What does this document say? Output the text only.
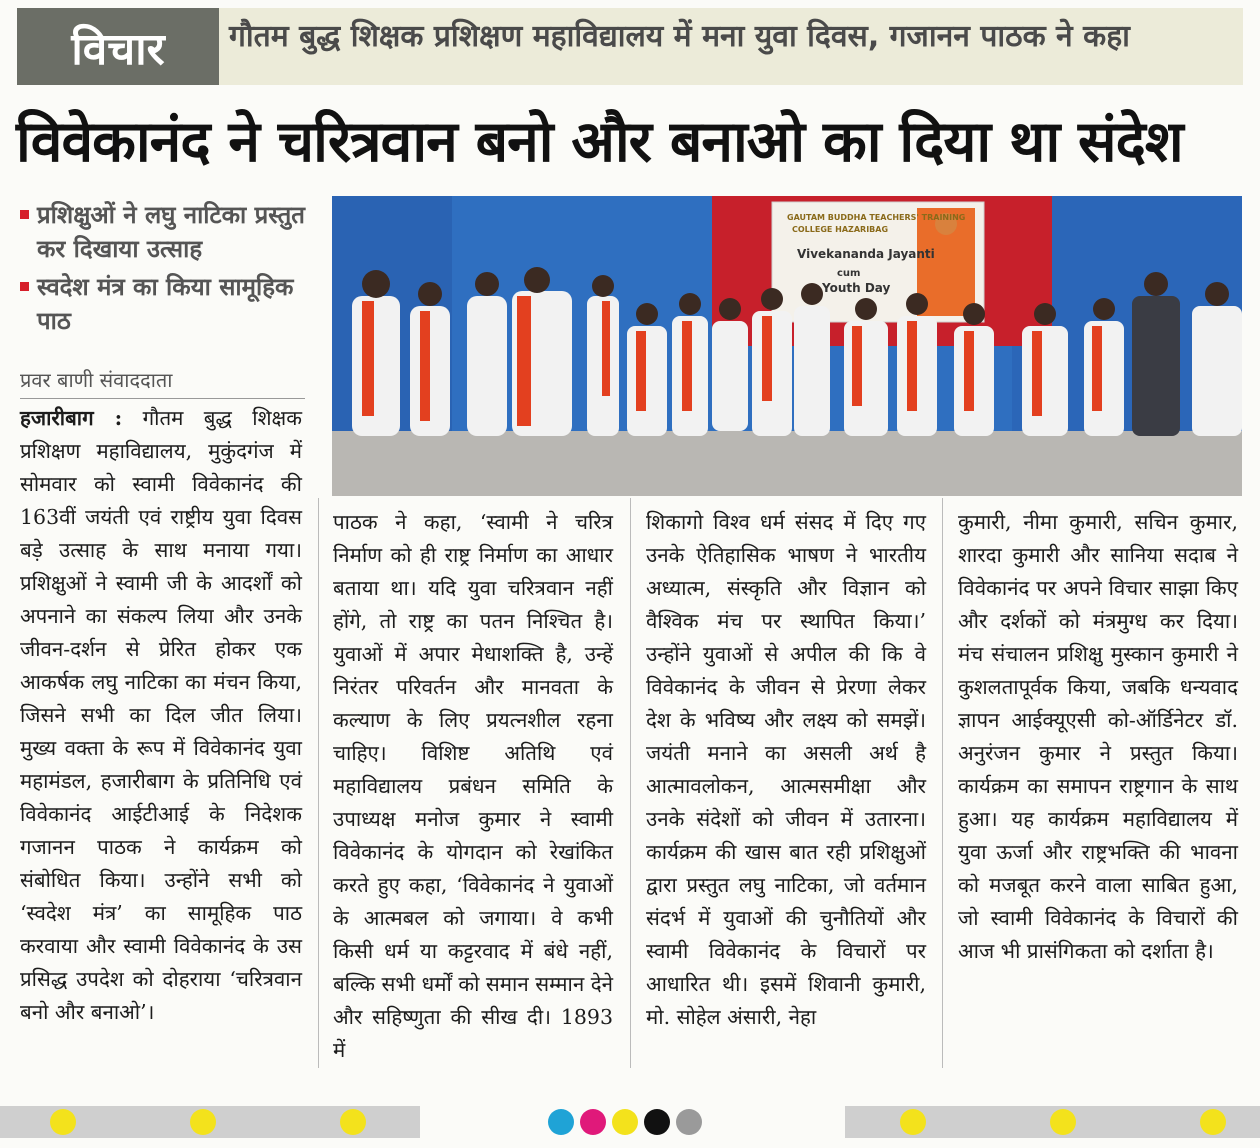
विचार	गौतम बुद्ध शिक्षक प्रशिक्षण महाविद्यालय में मना युवा दिवस, गजानन पाठक ने कहा
विवेकानंद ने चरित्रवान बनो और बनाओ का दिया था संदेश
प्रशिक्षुओं ने लघु नाटिका प्रस्तुत कर दिखाया उत्साह
स्वदेश मंत्र का किया सामूहिक पाठ
प्रवर बाणी संवाददाता
GAUTAM BUDDHA TEACHERS' TRAINING
COLLEGE HAZARIBAG
Vivekananda Jayanti
cum
Youth Day
हजारीबाग : गौतम बुद्ध शिक्षक प्रशिक्षण महाविद्यालय, मुकुंदगंज में सोमवार को स्वामी विवेकानंद की 163वीं जयंती एवं राष्ट्रीय युवा दिवस बड़े उत्साह के साथ मनाया गया। प्रशिक्षुओं ने स्वामी जी के आदर्शों को अपनाने का संकल्प लिया और उनके जीवन-दर्शन से प्रेरित होकर एक आकर्षक लघु नाटिका का मंचन किया, जिसने सभी का दिल जीत लिया। मुख्य वक्ता के रूप में विवेकानंद युवा महामंडल, हजारीबाग के प्रतिनिधि एवं विवेकानंद आईटीआई के निदेशक गजानन पाठक ने कार्यक्रम को संबोधित किया। उन्होंने सभी को ‘स्वदेश मंत्र’ का सामूहिक पाठ करवाया और स्वामी विवेकानंद के उस प्रसिद्ध उपदेश को दोहराया ‘चरित्रवान बनो और बनाओ’।
पाठक ने कहा, ‘स्वामी ने चरित्र निर्माण को ही राष्ट्र निर्माण का आधार बताया था। यदि युवा चरित्रवान नहीं होंगे, तो राष्ट्र का पतन निश्चित है। युवाओं में अपार मेधाशक्ति है, उन्हें निरंतर परिवर्तन और मानवता के कल्याण के लिए प्रयत्नशील रहना चाहिए। विशिष्ट अतिथि एवं महाविद्यालय प्रबंधन समिति के उपाध्यक्ष मनोज कुमार ने स्वामी विवेकानंद के योगदान को रेखांकित करते हुए कहा, ‘विवेकानंद ने युवाओं के आत्मबल को जगाया। वे कभी किसी धर्म या कट्टरवाद में बंधे नहीं, बल्कि सभी धर्मों को समान सम्मान देने और सहिष्णुता की सीख दी। 1893 में
शिकागो विश्व धर्म संसद में दिए गए उनके ऐतिहासिक भाषण ने भारतीय अध्यात्म, संस्कृति और विज्ञान को वैश्विक मंच पर स्थापित किया।’ उन्होंने युवाओं से अपील की कि वे विवेकानंद के जीवन से प्रेरणा लेकर देश के भविष्य और लक्ष्य को समझें। जयंती मनाने का असली अर्थ है आत्मावलोकन, आत्मसमीक्षा और उनके संदेशों को जीवन में उतारना। कार्यक्रम की खास बात रही प्रशिक्षुओं द्वारा प्रस्तुत लघु नाटिका, जो वर्तमान संदर्भ में युवाओं की चुनौतियों और स्वामी विवेकानंद के विचारों पर आधारित थी। इसमें शिवानी कुमारी, मो. सोहेल अंसारी, नेहा
कुमारी, नीमा कुमारी, सचिन कुमार, शारदा कुमारी और सानिया सदाब ने विवेकानंद पर अपने विचार साझा किए और दर्शकों को मंत्रमुग्ध कर दिया। मंच संचालन प्रशिक्षु मुस्कान कुमारी ने कुशलतापूर्वक किया, जबकि धन्यवाद ज्ञापन आईक्यूएसी को-ऑर्डिनेटर डॉ. अनुरंजन कुमार ने प्रस्तुत किया। कार्यक्रम का समापन राष्ट्रगान के साथ हुआ। यह कार्यक्रम महाविद्यालय में युवा ऊर्जा और राष्ट्रभक्ति की भावना को मजबूत करने वाला साबित हुआ, जो स्वामी विवेकानंद के विचारों की आज भी प्रासंगिकता को दर्शाता है।
